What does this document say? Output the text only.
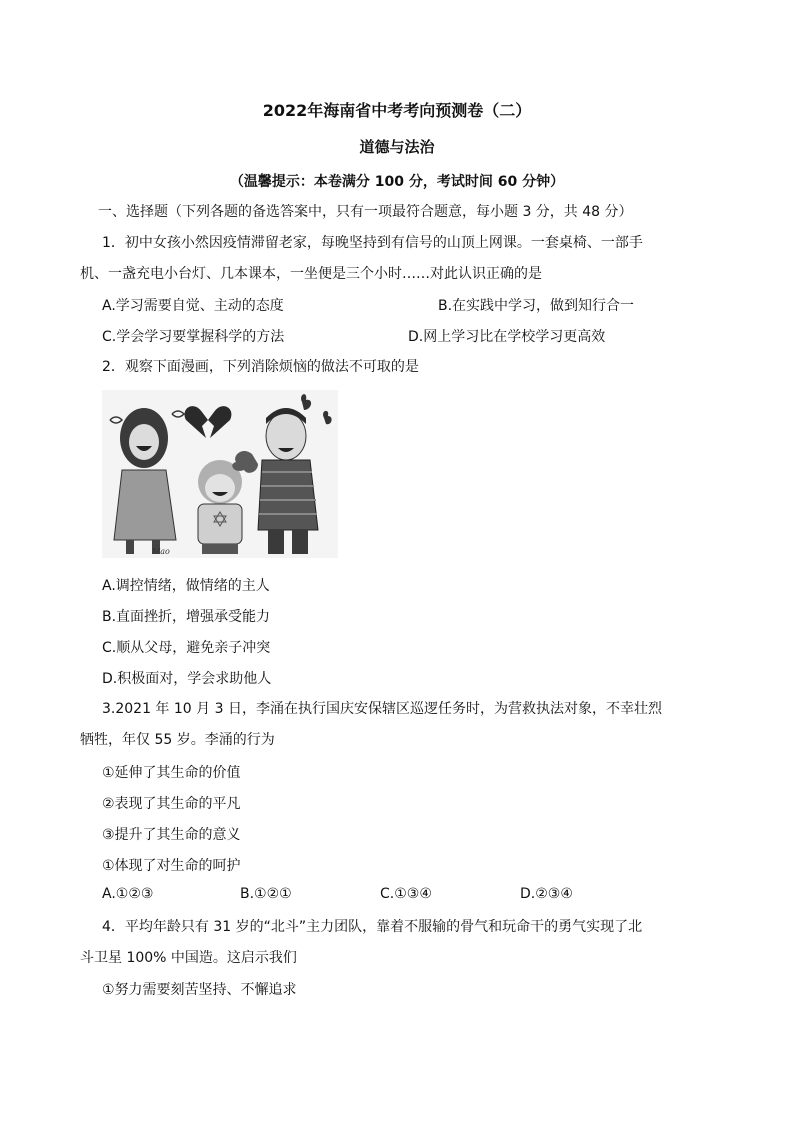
2022年海南省中考考向预测卷（二）
道德与法治
（温馨提示：本卷满分 100 分，考试时间 60 分钟）
一、选择题（下列各题的备选答案中，只有一项最符合题意，每小题 3 分，共 48 分）
1．初中女孩小然因疫情滞留老家，每晚坚持到有信号的山顶上网课。一套桌椅、一部手
机、一盏充电小台灯、几本课本，一坐便是三个小时……对此认识正确的是
A.学习需要自觉、主动的态度	B.在实践中学习，做到知行合一
C.学会学习要掌握科学的方法	D.网上学习比在学校学习更高效
2．观察下面漫画，下列消除烦恼的做法不可取的是
Mao
A.调控情绪，做情绪的主人
B.直面挫折，增强承受能力
C.顺从父母，避免亲子冲突
D.积极面对，学会求助他人
3.2021 年 10 月 3 日，李涌在执行国庆安保辖区巡逻任务时，为营救执法对象，不幸壮烈
牺牲，年仅 55 岁。李涌的行为
①延伸了其生命的价值
②表现了其生命的平凡
③提升了其生命的意义
①体现了对生命的呵护
A.①②③	B.①②①	C.①③④	D.②③④
4．平均年龄只有 31 岁的“北斗”主力团队，靠着不服输的骨气和玩命干的勇气实现了北
斗卫星 100% 中国造。这启示我们
①努力需要刻苦坚持、不懈追求
